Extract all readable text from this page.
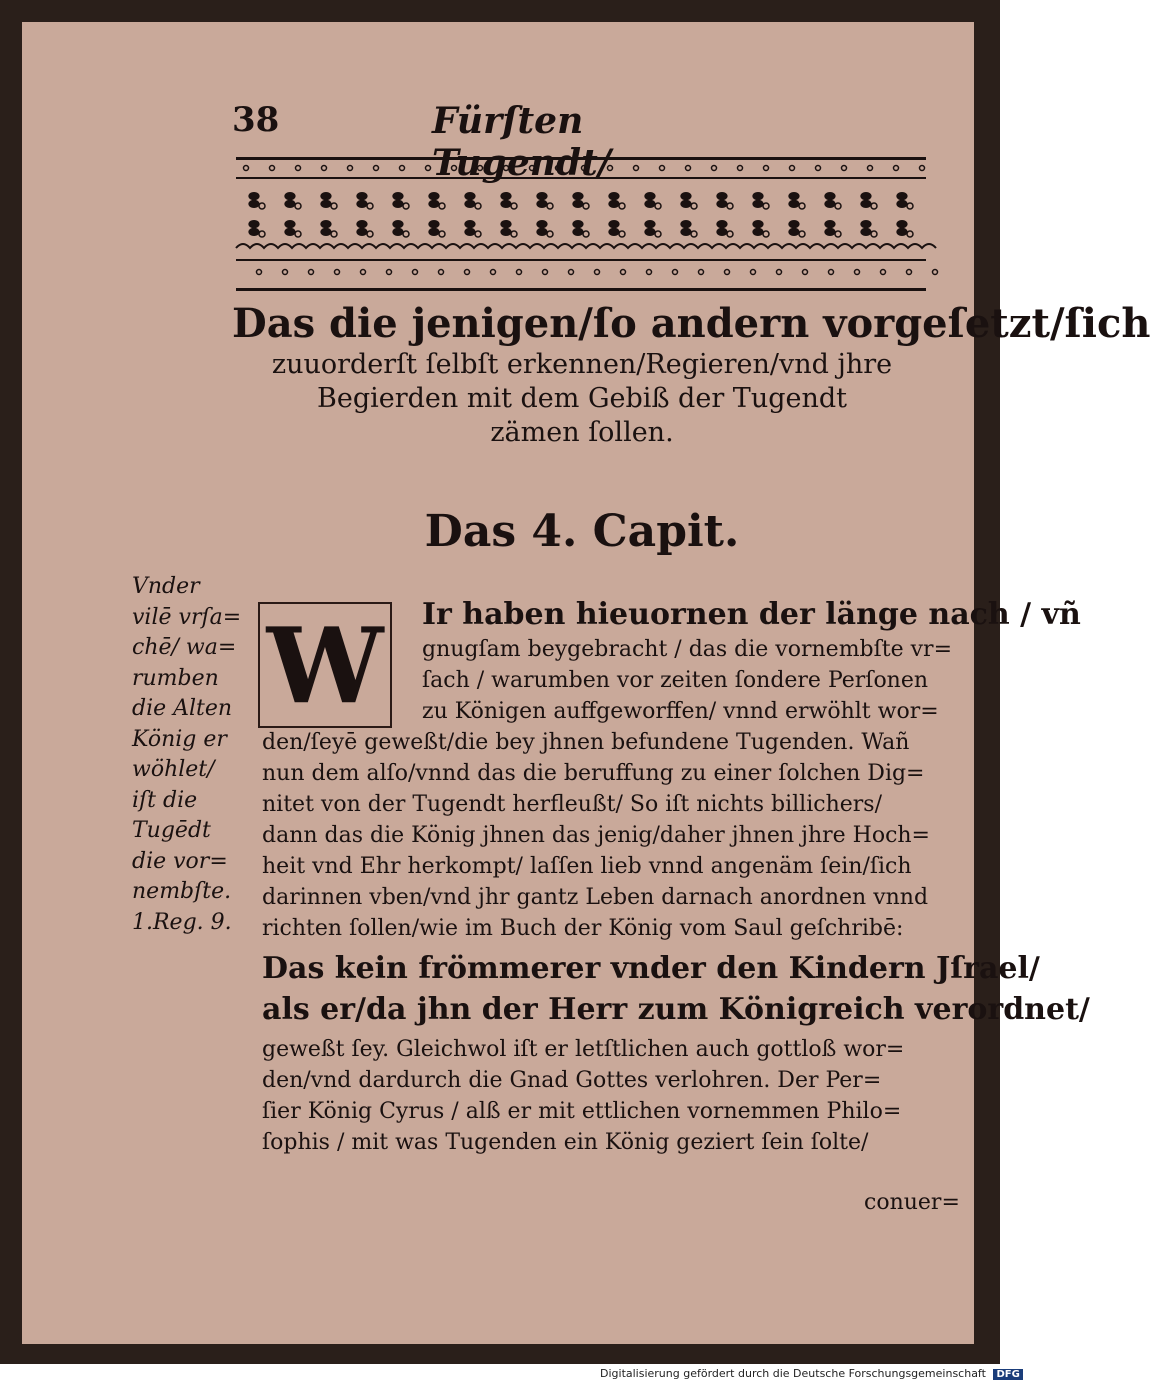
38	Fürſten Tugendt/
Das die jenigen/ſo andern vorgeſetzt/ſich
zuuorderſt ſelbſt erkennen/Regieren/vnd jhre
Begierden mit dem Gebiß der Tugendt
zämen ſollen.
Das 4. Capit.
Vnder
vilē vrſa=
chē/ wa=
rumben
die Alten
König er
wöhlet/
iſt die
Tugēdt
die vor=
nembſte.
1.Reg. 9.
W Ir haben hieuornen der länge nach / vñ
gnugſam beygebracht / das die vornembſte vr=
ſach / warumben vor zeiten ſondere Perſonen
zu Königen auffgeworffen/ vnnd erwöhlt wor=
den/ſeyē geweßt/die bey jhnen befundene Tugenden. Wañ
nun dem alſo/vnnd das die beruffung zu einer ſolchen Dig=
nitet von der Tugendt herfleußt/ So iſt nichts billichers/
dann das die König jhnen das jenig/daher jhnen jhre Hoch=
heit vnd Ehr herkompt/ laſſen lieb vnnd angenäm ſein/ſich
darinnen vben/vnd jhr gantz Leben darnach anordnen vnnd
richten ſollen/wie im Buch der König vom Saul geſchribē:
Das kein frömmerer vnder den Kindern Jſrael/
als er/da jhn der Herr zum Königreich verordnet/
geweßt ſey. Gleichwol iſt er letſtlichen auch gottloß wor=
den/vnd dardurch die Gnad Gottes verlohren. Der Per=
ſier König Cyrus / alß er mit ettlichen vornemmen Philo=
ſophis / mit was Tugenden ein König geziert ſein ſolte/
conuer=
Digitalisierung gefördert durch die Deutsche Forschungsgemeinschaft DFG
